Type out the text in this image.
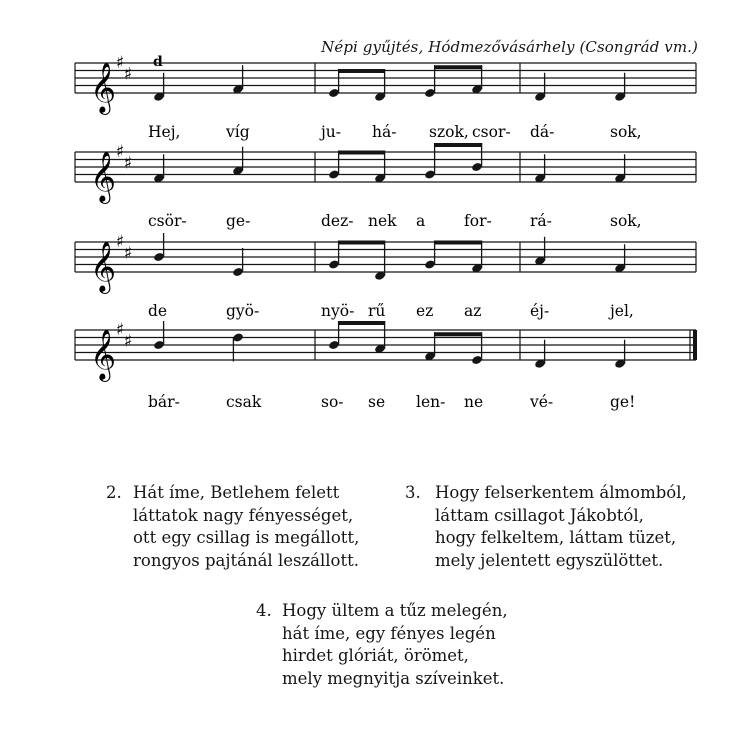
Népi gyűjtés, Hódmezővásárhely (Csongrád vm.)
d
𝄞 ♯
♯
Hej,	víg	ju- há- szok, csor- dá-	sok,
𝄞 ♯
♯
csör-	ge-	dez- nek a	for- rá-	sok,
𝄞 ♯
♯
de	gyö-	nyö- rű ez az	éj-	jel,
𝄞 ♯
♯
bár-	csak	so- se len- ne	vé-	ge!
2. Hát íme, Betlehem felett
láttatok nagy fényességet,
ott egy csillag is megállott,
rongyos pajtánál leszállott.
3. Hogy felserkentem álmomból,
láttam csillagot Jákobtól,
hogy felkeltem, láttam tüzet,
mely jelentett egyszülöttet.
4. Hogy ültem a tűz melegén,
hát íme, egy fényes legén
hirdet glóriát, örömet,
mely megnyitja szíveinket.
